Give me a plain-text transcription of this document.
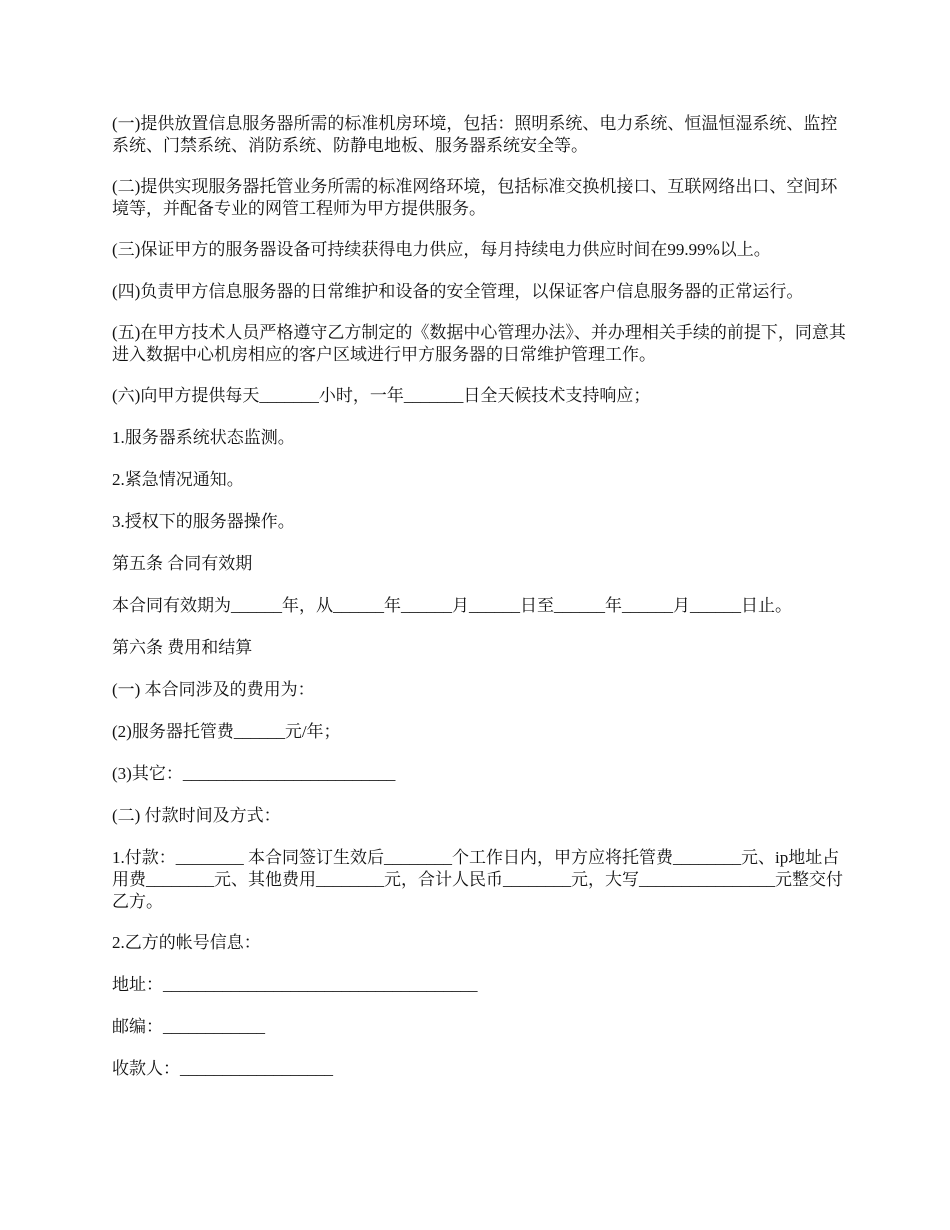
(一)提供放置信息服务器所需的标准机房环境，包括：照明系统、电力系统、恒温恒湿系统、监控系统、门禁系统、消防系统、防静电地板、服务器系统安全等。

(二)提供实现服务器托管业务所需的标准网络环境，包括标准交换机接口、互联网络出口、空间环境等，并配备专业的网管工程师为甲方提供服务。

(三)保证甲方的服务器设备可持续获得电力供应，每月持续电力供应时间在99.99%以上。

(四)负责甲方信息服务器的日常维护和设备的安全管理，以保证客户信息服务器的正常运行。

(五)在甲方技术人员严格遵守乙方制定的《数据中心管理办法》、并办理相关手续的前提下，同意其进入数据中心机房相应的客户区域进行甲方服务器的日常维护管理工作。

(六)向甲方提供每天_______小时，一年_______日全天候技术支持响应；

1.服务器系统状态监测。

2.紧急情况通知。

3.授权下的服务器操作。

第五条 合同有效期

本合同有效期为______年，从______年______月______日至______年______月______日止。

第六条 费用和结算

(一) 本合同涉及的费用为：

(2)服务器托管费______元/年；

(3)其它：_________________________

(二) 付款时间及方式：

1.付款：________ 本合同签订生效后________个工作日内，甲方应将托管费________元、ip地址占用费________元、其他费用________元，合计人民币________元，大写________________元整交付乙方。

2.乙方的帐号信息：

地址：_____________________________________

邮编：____________

收款人：__________________
